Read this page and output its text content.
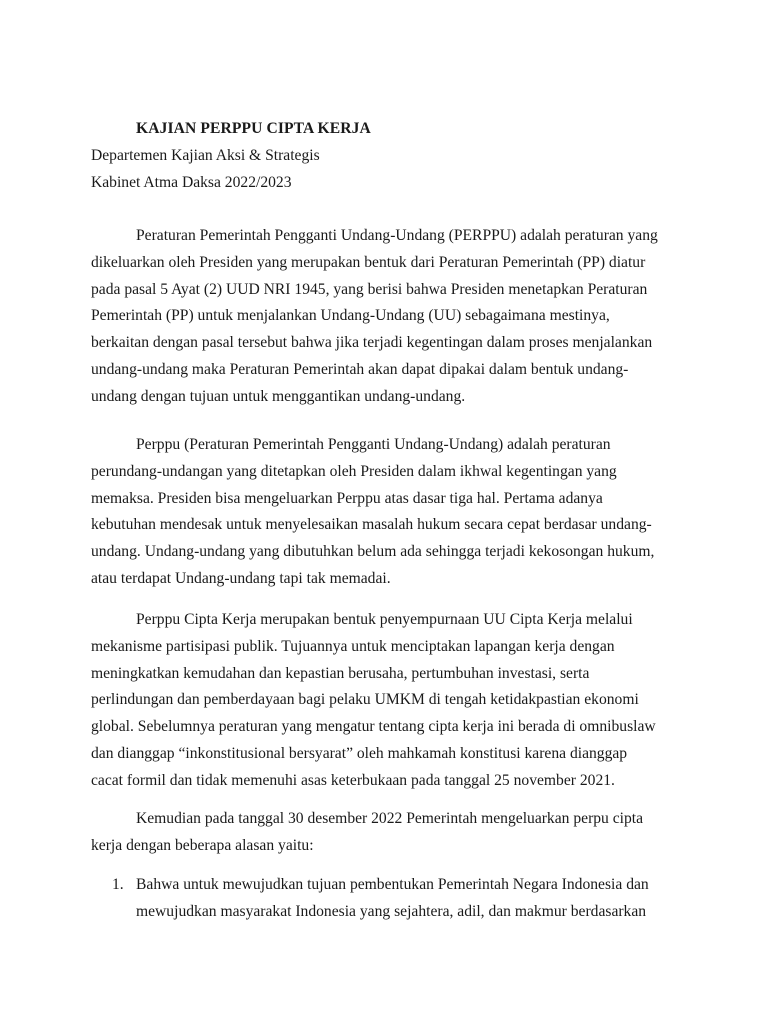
KAJIAN PERPPU CIPTA KERJA
Departemen Kajian Aksi & Strategis
Kabinet Atma Daksa 2022/2023

Peraturan Pemerintah Pengganti Undang-Undang (PERPPU) adalah peraturan yang dikeluarkan oleh Presiden yang merupakan bentuk dari Peraturan Pemerintah (PP) diatur pada pasal 5 Ayat (2) UUD NRI 1945, yang berisi bahwa Presiden menetapkan Peraturan Pemerintah (PP) untuk menjalankan Undang-Undang (UU) sebagaimana mestinya, berkaitan dengan pasal tersebut bahwa jika terjadi kegentingan dalam proses menjalankan undang-undang maka Peraturan Pemerintah akan dapat dipakai dalam bentuk undang-undang dengan tujuan untuk menggantikan undang-undang.

Perppu (Peraturan Pemerintah Pengganti Undang-Undang) adalah peraturan perundang-undangan yang ditetapkan oleh Presiden dalam ikhwal kegentingan yang memaksa. Presiden bisa mengeluarkan Perppu atas dasar tiga hal. Pertama adanya kebutuhan mendesak untuk menyelesaikan masalah hukum secara cepat berdasar undang-undang. Undang-undang yang dibutuhkan belum ada sehingga terjadi kekosongan hukum, atau terdapat Undang-undang tapi tak memadai.

Perppu Cipta Kerja merupakan bentuk penyempurnaan UU Cipta Kerja melalui mekanisme partisipasi publik. Tujuannya untuk menciptakan lapangan kerja dengan meningkatkan kemudahan dan kepastian berusaha, pertumbuhan investasi, serta perlindungan dan pemberdayaan bagi pelaku UMKM di tengah ketidakpastian ekonomi global. Sebelumnya peraturan yang mengatur tentang cipta kerja ini berada di omnibuslaw dan dianggap “inkonstitusional bersyarat” oleh mahkamah konstitusi karena dianggap cacat formil dan tidak memenuhi asas keterbukaan pada tanggal 25 november 2021.

Kemudian pada tanggal 30 desember 2022 Pemerintah mengeluarkan perpu cipta kerja dengan beberapa alasan yaitu:

1. Bahwa untuk mewujudkan tujuan pembentukan Pemerintah Negara Indonesia dan mewujudkan masyarakat Indonesia yang sejahtera, adil, dan makmur berdasarkan
